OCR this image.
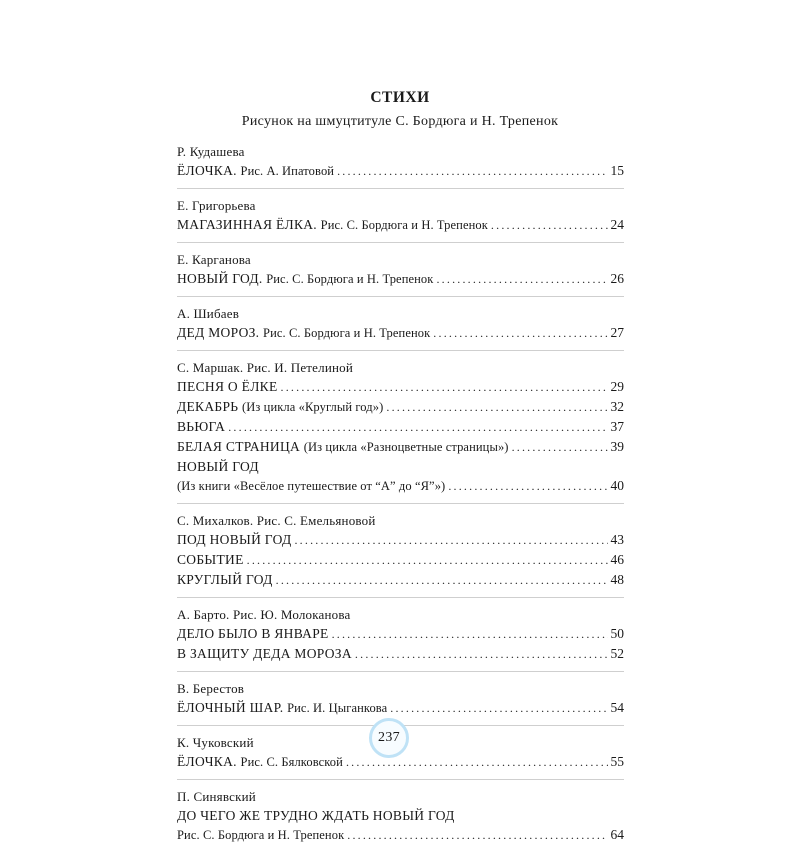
СТИХИ
Рисунок на шмуцтитуле С. Бордюга и Н. Трепенок
Р. Кудашева
ЁЛОЧКА. Рис. А. Ипатовой .....	15
Е. Григорьева
МАГАЗИННАЯ ЁЛКА. Рис. С. Бордюга и Н. Трепенок .....	24
Е. Карганова
НОВЫЙ ГОД. Рис. С. Бордюга и Н. Трепенок .....	26
А. Шибаев
ДЕД МОРОЗ. Рис. С. Бордюга и Н. Трепенок .....	27
С. Маршак. Рис. И. Петелиной
ПЕСНЯ О ЁЛКЕ .....	29
ДЕКАБРЬ (Из цикла «Круглый год») .....	32
ВЬЮГА .....	37
БЕЛАЯ СТРАНИЦА (Из цикла «Разноцветные страницы») .....	39
НОВЫЙ ГОД
(Из книги «Весёлое путешествие от “А” до “Я”») .....	40
С. Михалков. Рис. С. Емельяновой
ПОД НОВЫЙ ГОД .....	43
СОБЫТИЕ .....	46
КРУГЛЫЙ ГОД .....	48
А. Барто. Рис. Ю. Молоканова
ДЕЛО БЫЛО В ЯНВАРЕ .....	50
В ЗАЩИТУ ДЕДА МОРОЗА .....	52
В. Берестов
ЁЛОЧНЫЙ ШАР. Рис. И. Цыганкова .....	54
К. Чуковский
ЁЛОЧКА. Рис. С. Бялковской .....	55
П. Синявский
ДО ЧЕГО ЖЕ ТРУДНО ЖДАТЬ НОВЫЙ ГОД
Рис. С. Бордюга и Н. Трепенок .....	64
237
